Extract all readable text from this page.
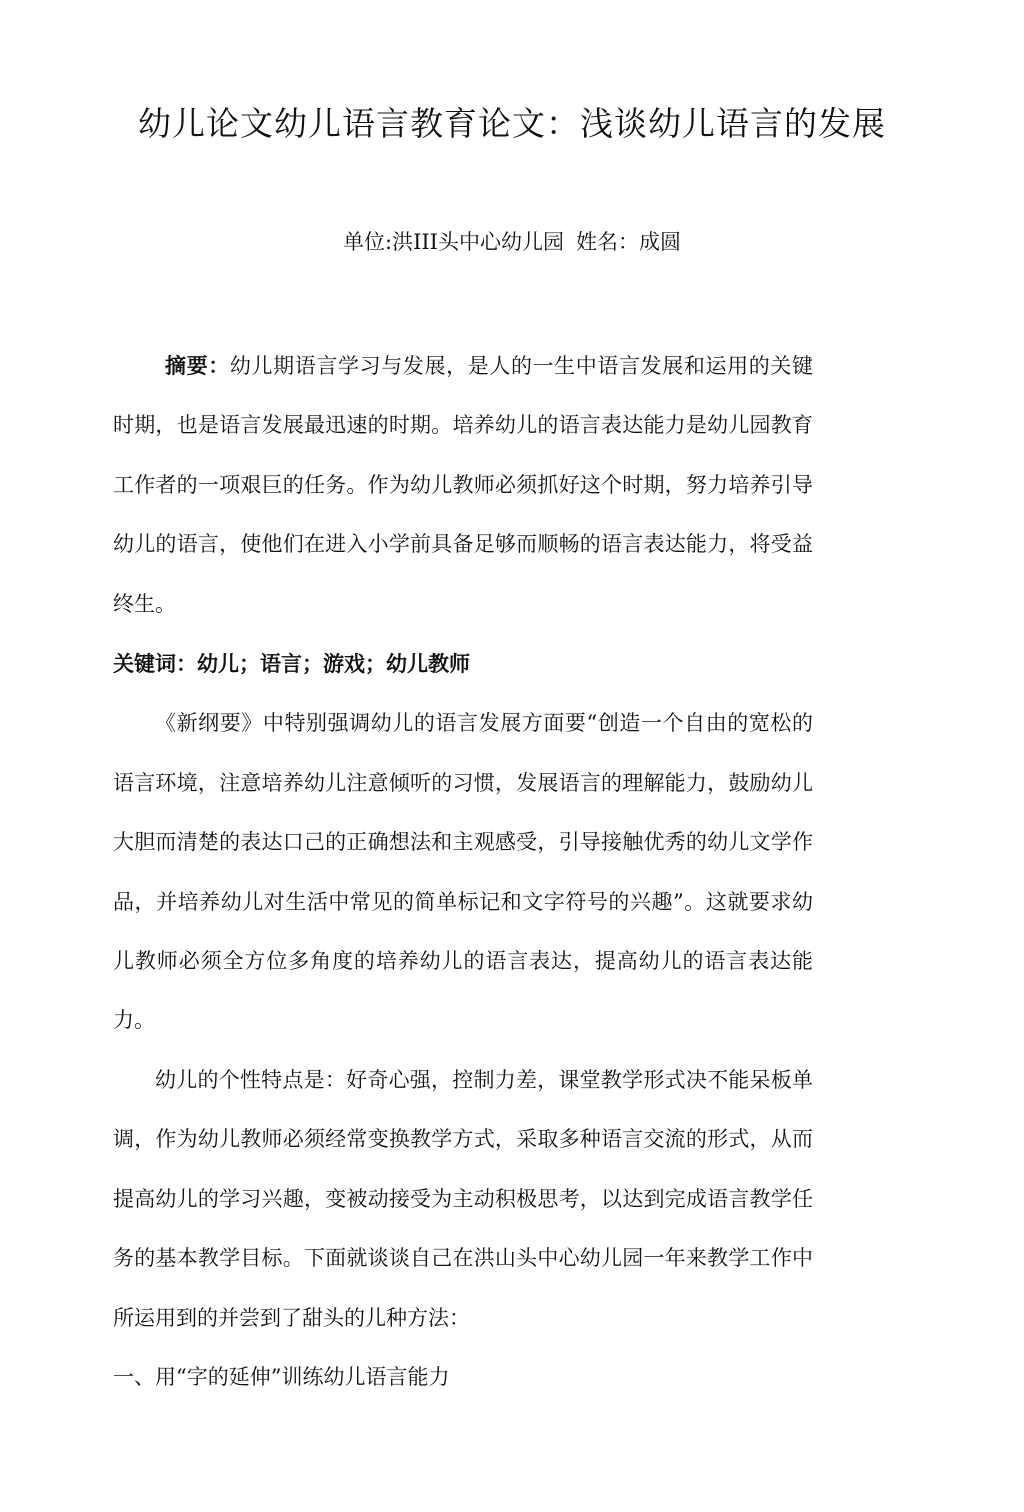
幼儿论文幼儿语言教育论文：浅谈幼儿语言的发展
单位:洪III头中心幼儿园 姓名：成圆

摘要：幼儿期语言学习与发展，是人的一生中语言发展和运用的关键时期，也是语言发展最迅速的时期。培养幼儿的语言表达能力是幼儿园教育工作者的一项艰巨的任务。作为幼儿教师必须抓好这个时期，努力培养引导幼儿的语言，使他们在进入小学前具备足够而顺畅的语言表达能力，将受益终生。

关键词：幼儿；语言；游戏；幼儿教师

《新纲要》中特别强调幼儿的语言发展方面要“创造一个自由的宽松的语言环境，注意培养幼儿注意倾听的习惯，发展语言的理解能力，鼓励幼儿大胆而清楚的表达口己的正确想法和主观感受，引导接触优秀的幼儿文学作品，并培养幼儿对生活中常见的简单标记和文字符号的兴趣”。这就要求幼儿教师必须全方位多角度的培养幼儿的语言表达，提高幼儿的语言表达能力。

幼儿的个性特点是：好奇心强，控制力差，课堂教学形式决不能呆板单调，作为幼儿教师必须经常变换教学方式，采取多种语言交流的形式，从而提高幼儿的学习兴趣，变被动接受为主动积极思考，以达到完成语言教学任务的基本教学目标。下面就谈谈自己在洪山头中心幼儿园一年来教学工作中所运用到的并尝到了甜头的儿种方法：

一、用“字的延伸”训练幼儿语言能力
